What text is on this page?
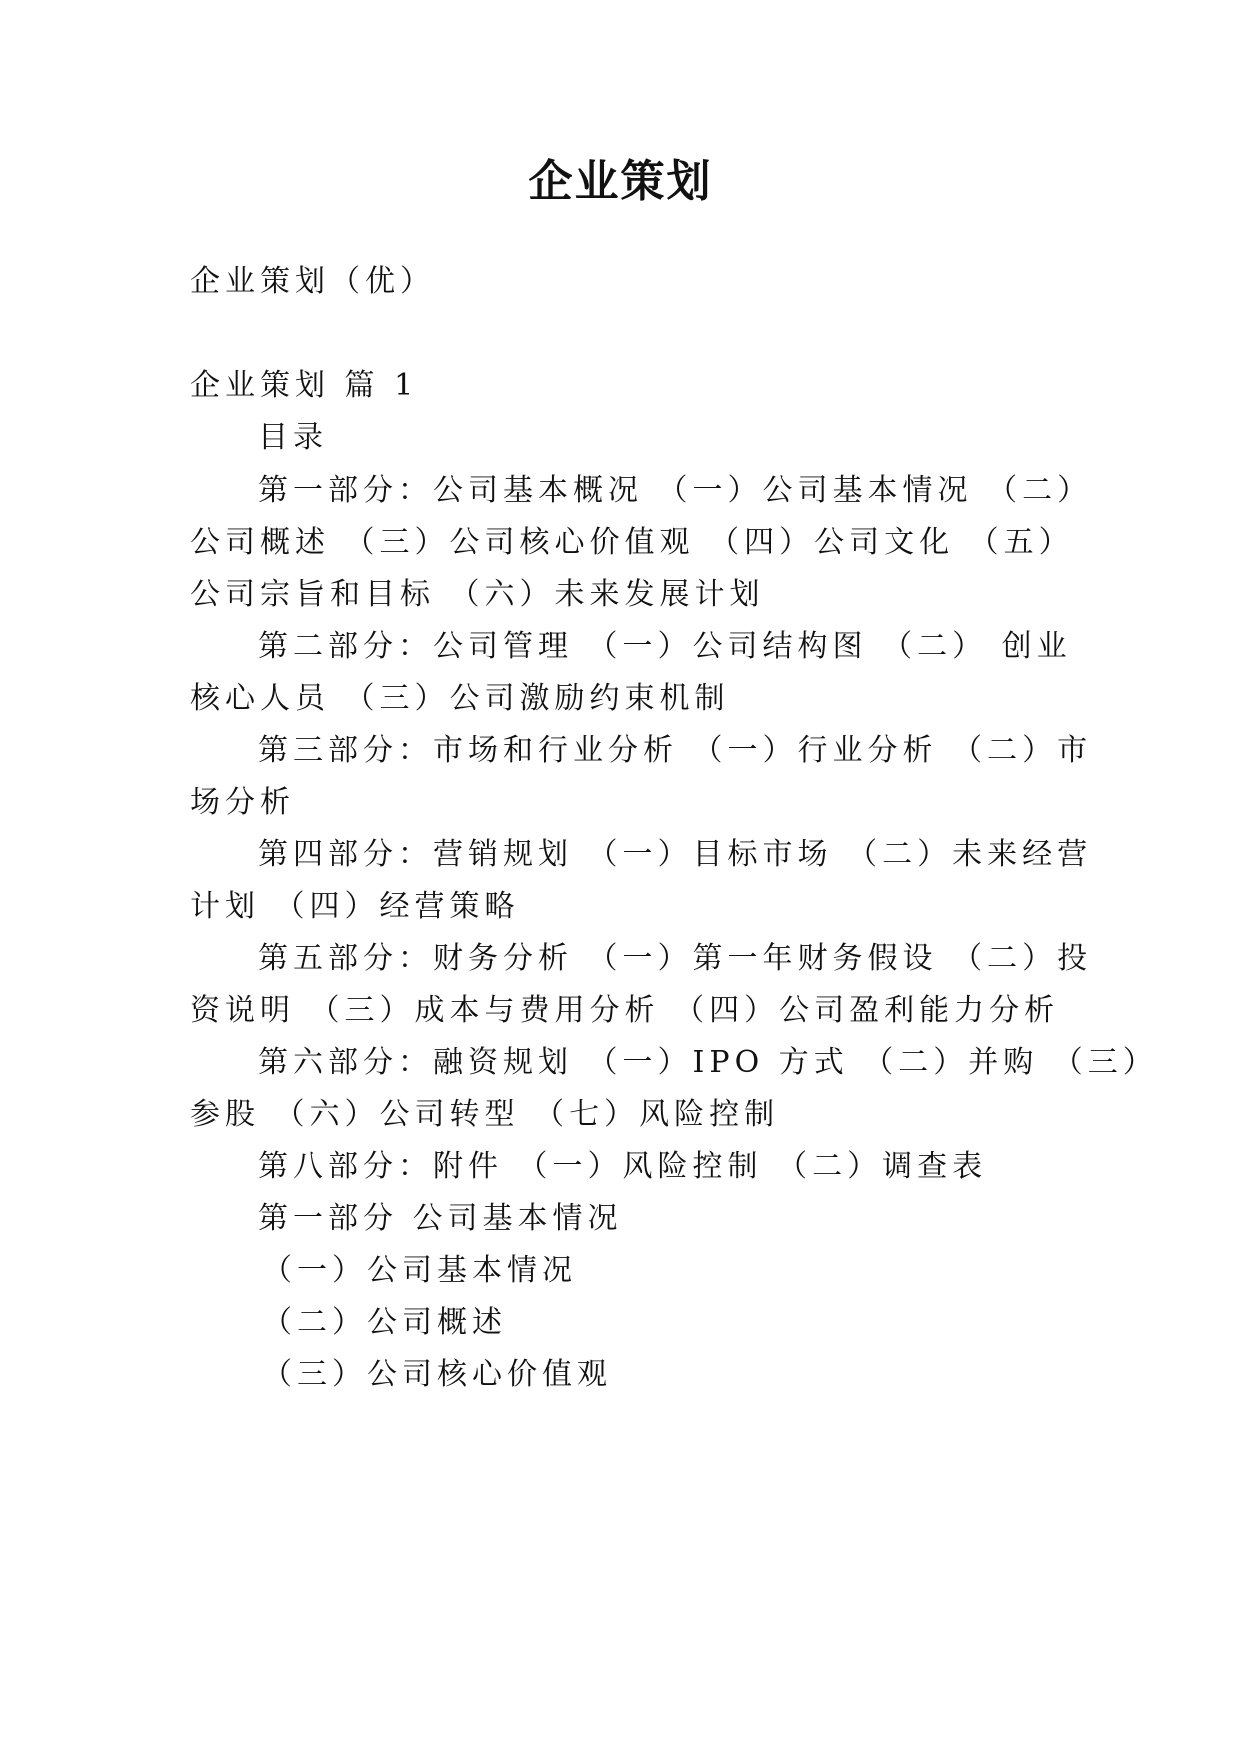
企业策划
企业策划（优）
企业策划 篇 1
目录
第一部分：公司基本概况 （一）公司基本情况 （二）
公司概述 （三）公司核心价值观 （四）公司文化 （五）
公司宗旨和目标 （六）未来发展计划
第二部分：公司管理 （一）公司结构图 （二） 创业
核心人员 （三）公司激励约束机制
第三部分：市场和行业分析 （一）行业分析 （二）市
场分析
第四部分：营销规划 （一）目标市场 （二）未来经营
计划 （四）经营策略
第五部分：财务分析 （一）第一年财务假设 （二）投
资说明 （三）成本与费用分析 （四）公司盈利能力分析
第六部分：融资规划 （一）IPO 方式 （二）并购 （三）
参股 （六）公司转型 （七）风险控制
第八部分：附件 （一）风险控制 （二）调查表
第一部分 公司基本情况
（一）公司基本情况
（二）公司概述
（三）公司核心价值观
